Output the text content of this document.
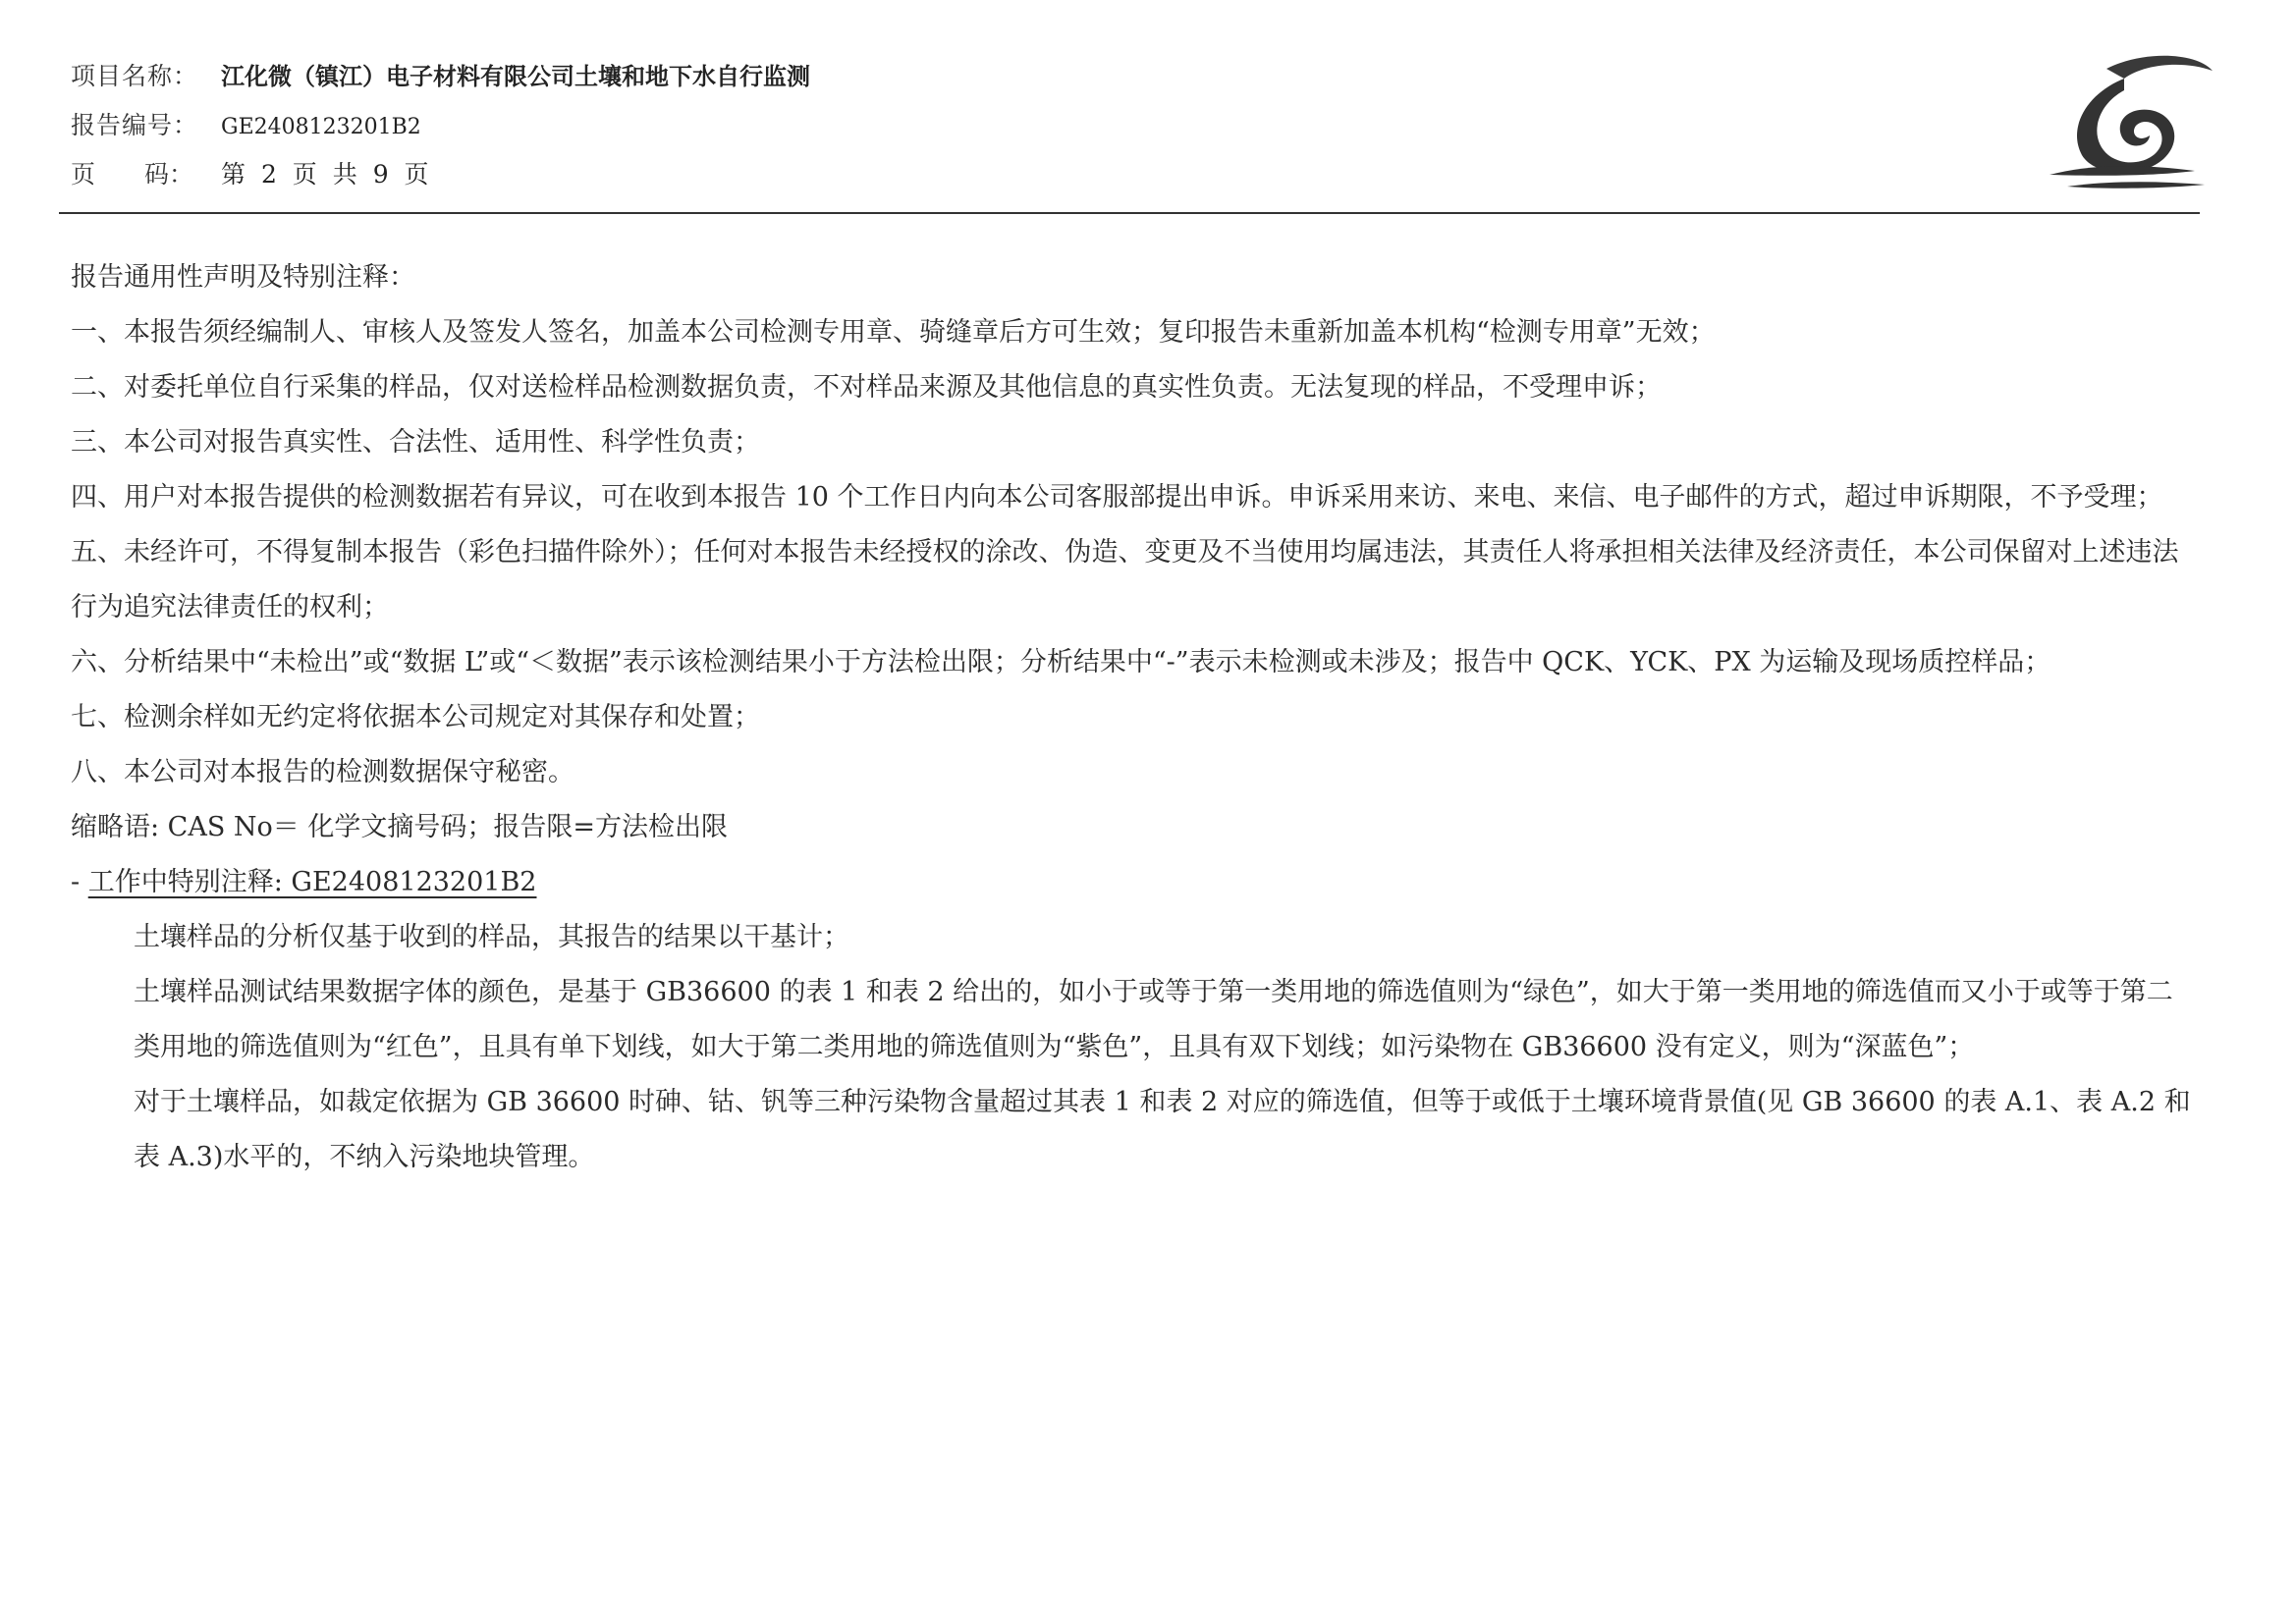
项目名称： 江化微（镇江）电子材料有限公司土壤和地下水自行监测
报告编号：	GE2408123201B2
页　　码：	第 2 页 共 9 页

报告通用性声明及特别注释：

一、本报告须经编制人、审核人及签发人签名，加盖本公司检测专用章、骑缝章后方可生效；复印报告未重新加盖本机构“检测专用章”无效；

二、对委托单位自行采集的样品，仅对送检样品检测数据负责，不对样品来源及其他信息的真实性负责。无法复现的样品，不受理申诉；

三、本公司对报告真实性、合法性、适用性、科学性负责；

四、用户对本报告提供的检测数据若有异议，可在收到本报告 10 个工作日内向本公司客服部提出申诉。申诉采用来访、来电、来信、电子邮件的方式，超过申诉期限，不予受理；

五、未经许可，不得复制本报告（彩色扫描件除外）；任何对本报告未经授权的涂改、伪造、变更及不当使用均属违法，其责任人将承担相关法律及经济责任，本公司保留对上述违法行为追究法律责任的权利；

六、分析结果中“未检出”或“数据 L”或“＜数据”表示该检测结果小于方法检出限；分析结果中“-”表示未检测或未涉及；报告中 QCK、YCK、PX 为运输及现场质控样品；

七、检测余样如无约定将依据本公司规定对其保存和处置；

八、本公司对本报告的检测数据保守秘密。

缩略语: CAS No＝ 化学文摘号码；报告限=方法检出限

- 工作中特别注释: GE2408123201B2

土壤样品的分析仅基于收到的样品，其报告的结果以干基计；

土壤样品测试结果数据字体的颜色，是基于 GB36600 的表 1 和表 2 给出的，如小于或等于第一类用地的筛选值则为“绿色”，如大于第一类用地的筛选值而又小于或等于第二类用地的筛选值则为“红色”，且具有单下划线，如大于第二类用地的筛选值则为“紫色”，且具有双下划线；如污染物在 GB36600 没有定义，则为“深蓝色”；

对于土壤样品，如裁定依据为 GB 36600 时砷、钴、钒等三种污染物含量超过其表 1 和表 2 对应的筛选值，但等于或低于土壤环境背景值(见 GB 36600 的表 A.1、表 A.2 和表 A.3)水平的，不纳入污染地块管理。
